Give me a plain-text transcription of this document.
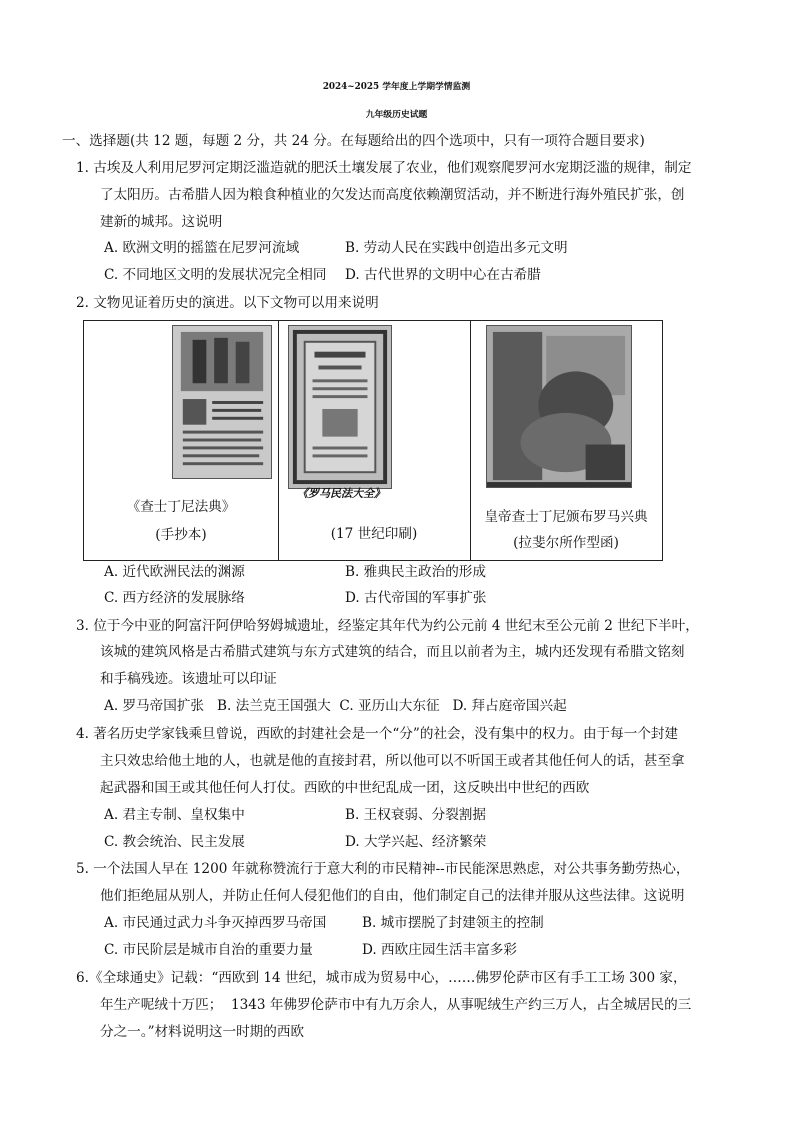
2024~2025 学年度上学期学情监测
九年级历史试题
一、选择题(共 12 题，每题 2 分，共 24 分。在每题给出的四个选项中，只有一项符合题目要求)
1. 古埃及人利用尼罗河定期泛滥造就的肥沃土壤发展了农业，他们观察爬罗河水宠期泛滥的规律，制定
了太阳历。古希腊人因为粮食种植业的欠发达而高度依赖潮贸活动，并不断进行海外殖民扩张，创
建新的城邦。这说明
A. 欧洲文明的摇篮在尼罗河流域	B. 劳动人民在实践中创造出多元文明
C. 不同地区文明的发展状况完全相同 D. 古代世界的文明中心在古希腊
2. 文物见证着历史的演进。以下文物可以用来说明
《查士丁尼法典》
(手抄本)
《罗马民法大全》
(17 世纪印刷)
皇帝查士丁尼颁布罗马兴典
(拉斐尔所作型函)
A. 近代欧洲民法的渊源	B. 雅典民主政治的形成
C. 西方经济的发展脉络	D. 古代帝国的军事扩张
3. 位于今中亚的阿富汗阿伊哈努姆城遗址，经鉴定其年代为约公元前 4 世纪末至公元前 2 世纪下半叶，
该城的建筑风格是古希腊式建筑与东方式建筑的结合，而且以前者为主，城内还发现有希腊文铭刻
和手稿残迹。该遗址可以印证
A. 罗马帝国扩张   B. 法兰克王国强大  C. 亚历山大东征   D. 拜占庭帝国兴起
4. 著名历史学家钱乘旦曾说，西欧的封建社会是一个“分”的社会，没有集中的权力。由于每一个封建
主只效忠给他土地的人，也就是他的直接封君，所以他可以不听国王或者其他任何人的话，甚至拿
起武器和国王或其他任何人打仗。西欧的中世纪乱成一团，这反映出中世纪的西欧
A. 君主专制、皇权集中	B. 王权衰弱、分裂割据
C. 教会统治、民主发展	D. 大学兴起、经济繁荣
5. 一个法国人早在 1200 年就称赞流行于意大利的市民精神--市民能深思熟虑，对公共事务勤劳热心，
他们拒绝屈从别人，并防止任何人侵犯他们的自由，他们制定自己的法律并服从这些法律。这说明
A. 市民通过武力斗争灭掉西罗马帝国	B. 城市摆脱了封建领主的控制
C. 市民阶层是城市自治的重要力量	D. 西欧庄园生活丰富多彩
6.《全球通史》记载：“西欧到 14 世纪，城市成为贸易中心，……佛罗伦萨市区有手工工场 300 家，
年生产呢绒十万匹；  1343 年佛罗伦萨市中有九万余人，从事呢绒生产约三万人，占全城居民的三
分之一。”材料说明这一时期的西欧
